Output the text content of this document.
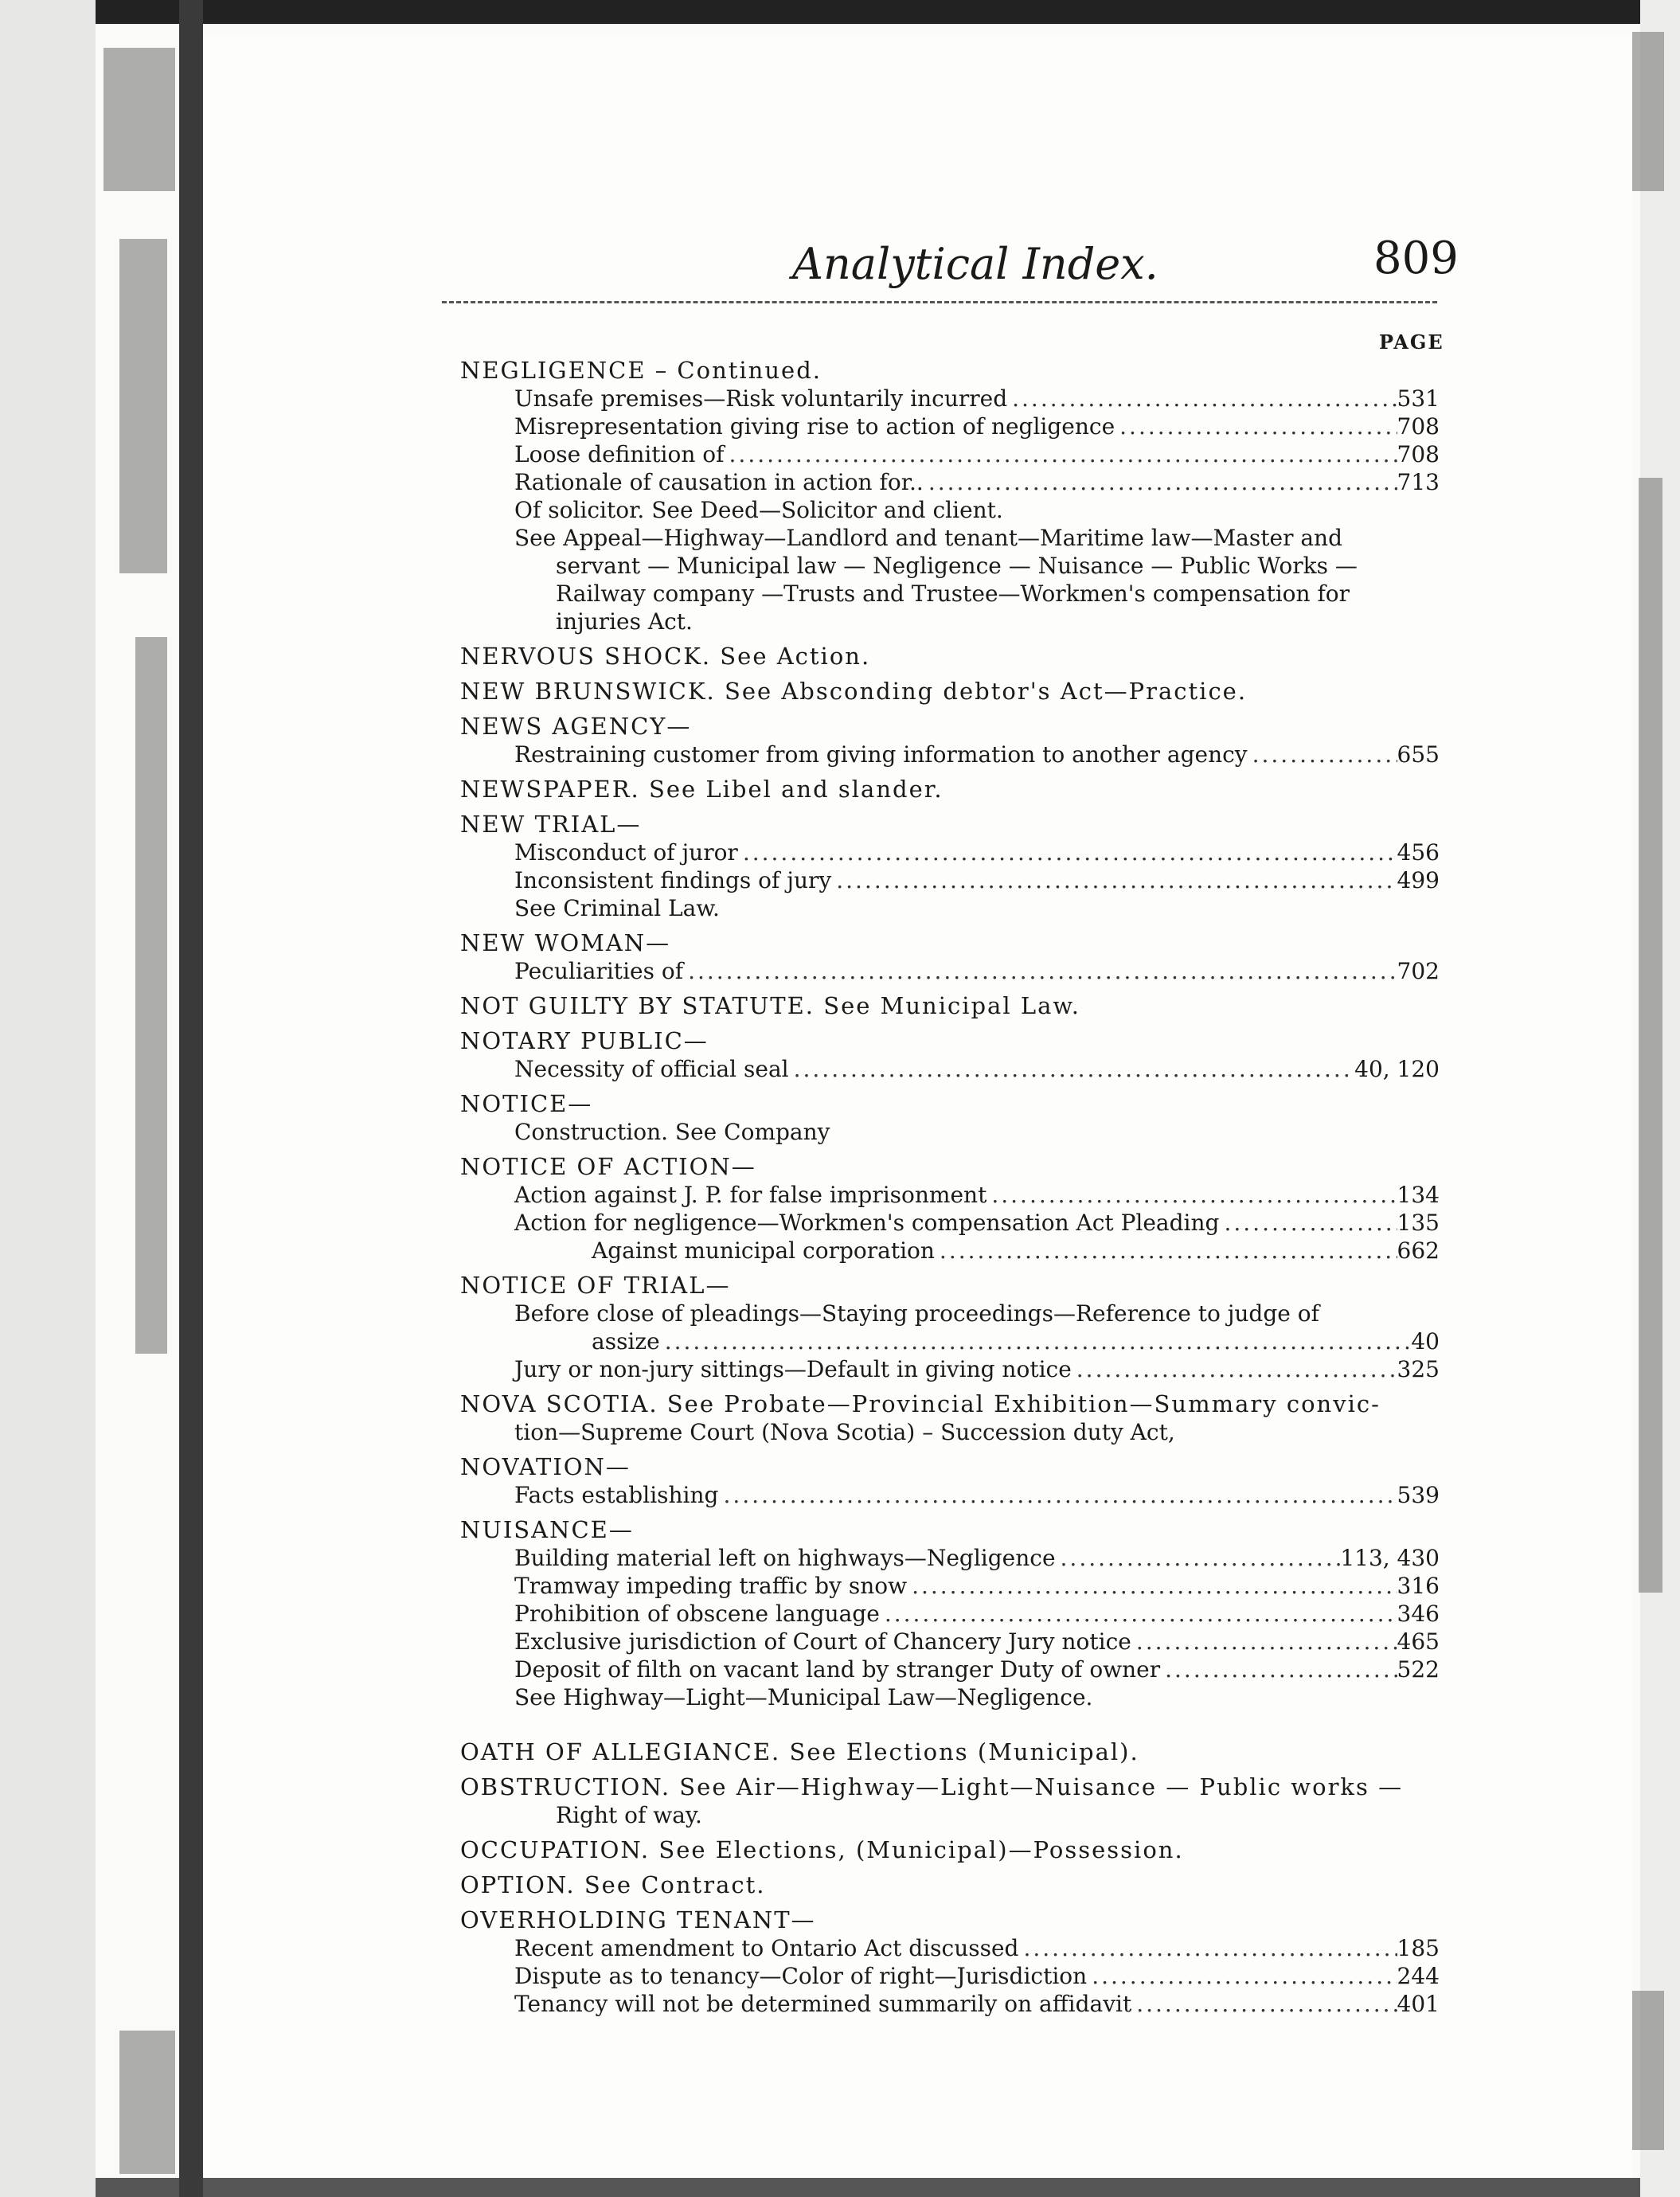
Analytical Index.	809
PAGE
NEGLIGENCE – Continued.
Unsafe premises—Risk voluntarily incurred .....	531
Misrepresentation giving rise to action of negligence .....	708
Loose definition of .....	708
Rationale of causation in action for.. .....	713
Of solicitor. See Deed—Solicitor and client.
See Appeal—Highway—Landlord and tenant—Maritime law—Master and
servant — Municipal law — Negligence — Nuisance — Public Works —
Railway company —Trusts and Trustee—Workmen's compensation for
injuries Act.
NERVOUS SHOCK. See Action.
NEW BRUNSWICK. See Absconding debtor's Act—Practice.
NEWS AGENCY—
Restraining customer from giving information to another agency .....	655
NEWSPAPER. See Libel and slander.
NEW TRIAL—
Misconduct of juror .....	456
Inconsistent findings of jury .....	499
See Criminal Law.
NEW WOMAN—
Peculiarities of .....	702
NOT GUILTY BY STATUTE. See Municipal Law.
NOTARY PUBLIC—
Necessity of official seal .....	40, 120
NOTICE—
Construction. See Company
NOTICE OF ACTION—
Action against J. P. for false imprisonment .....	134
Action for negligence—Workmen's compensation Act Pleading .....	135
Against municipal corporation .....	662
NOTICE OF TRIAL—
Before close of pleadings—Staying proceedings—Reference to judge of
assize .....	40
Jury or non-jury sittings—Default in giving notice .....	325
NOVA SCOTIA. See Probate—Provincial Exhibition—Summary convic-
tion—Supreme Court (Nova Scotia) – Succession duty Act,
NOVATION—
Facts establishing .....	539
NUISANCE—
Building material left on highways—Negligence .....	113, 430
Tramway impeding traffic by snow .....	316
Prohibition of obscene language .....	346
Exclusive jurisdiction of Court of Chancery Jury notice .....	465
Deposit of filth on vacant land by stranger Duty of owner .....	522
See Highway—Light—Municipal Law—Negligence.
OATH OF ALLEGIANCE. See Elections (Municipal).
OBSTRUCTION. See Air—Highway—Light—Nuisance — Public works —
Right of way.
OCCUPATION. See Elections, (Municipal)—Possession.
OPTION. See Contract.
OVERHOLDING TENANT—
Recent amendment to Ontario Act discussed .....	185
Dispute as to tenancy—Color of right—Jurisdiction .....	244
Tenancy will not be determined summarily on affidavit .....	401
